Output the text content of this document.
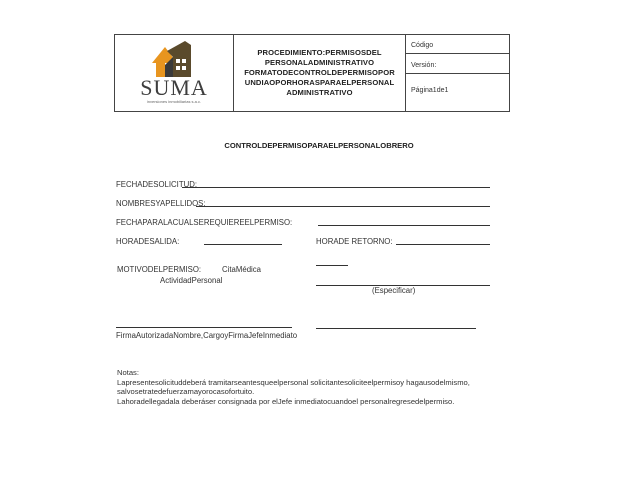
SUMA
inversiones inmobiliarias s.a.c.
PROCEDIMIENTO:PERMISOSDEL
PERSONALADMINISTRATIVO
FORMATODECONTROLDEPERMISOPOR
UNDIAOPORHORASPARAELPERSONAL
ADMINISTRATIVO
Código
Versión:
Página1de1
CONTROLDEPERMISOPARAELPERSONALOBRERO
FECHADESOLICITUD:
NOMBRESYAPELLIDOS:
FECHAPARALACUALSEREQUIEREELPERMISO:
HORADESALIDA:	HORADE RETORNO:
MOTIVODELPERMISO:	CitaMédica
ActividadPersonal
(Especificar)
FirmaAutorizadaNombre,CargoyFirmaJefeInmediato
Notas:
Lapresentesolicituddeberá tramitarseantesqueelpersonal solicitantesoliciteelpermisoy hagausodelmismo,
salvosetratedefuerzamayorocasofortuito.
Lahoradellegadala deberáser consignada por elJefe inmediatocuandoel personalregresedelpermiso.
